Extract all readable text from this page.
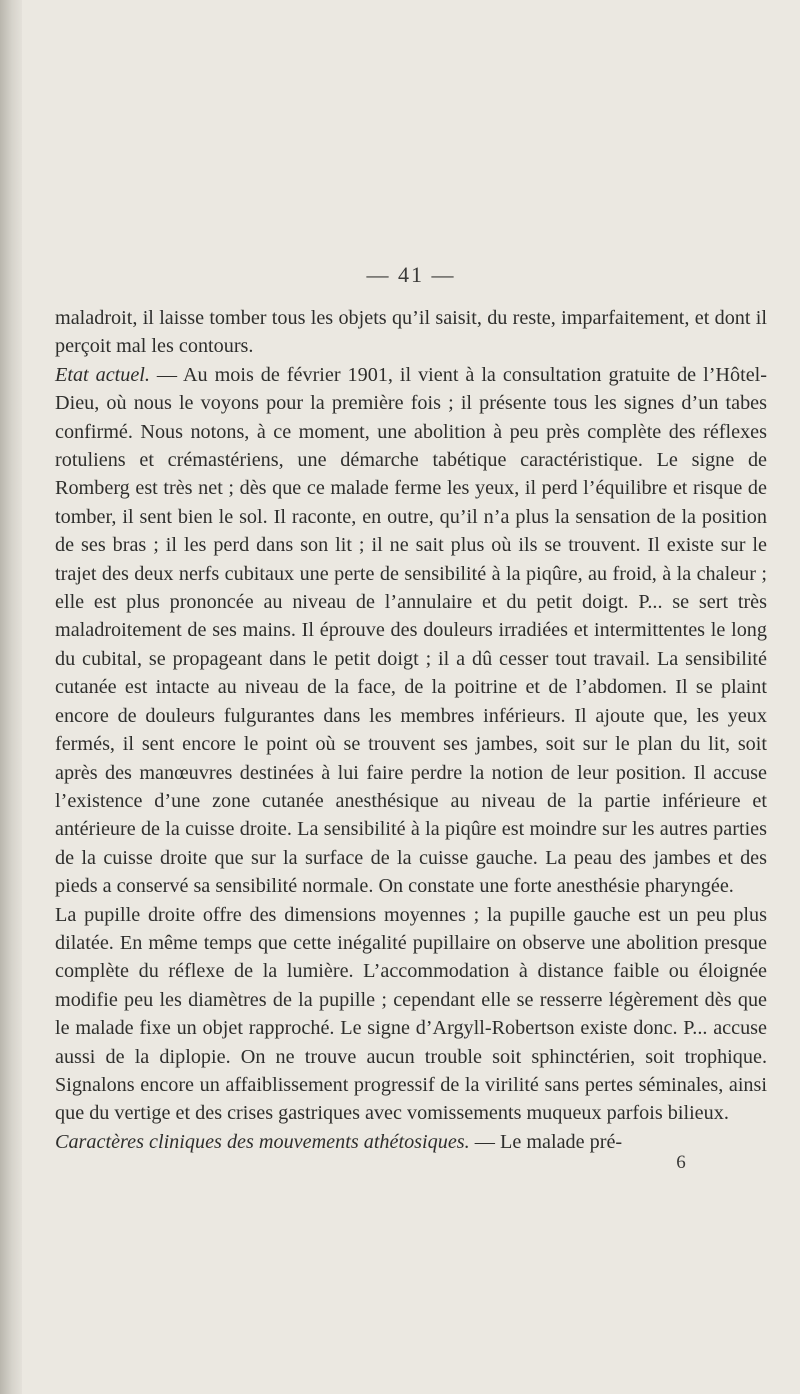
— 41 —

maladroit, il laisse tomber tous les objets qu’il saisit, du reste, imparfaitement, et dont il perçoit mal les contours.

Etat actuel. — Au mois de février 1901, il vient à la consultation gratuite de l’Hôtel-Dieu, où nous le voyons pour la première fois ; il présente tous les signes d’un tabes confirmé. Nous notons, à ce moment, une abolition à peu près complète des réflexes rotuliens et crémastériens, une démarche tabétique caractéristique. Le signe de Romberg est très net ; dès que ce malade ferme les yeux, il perd l’équilibre et risque de tomber, il sent bien le sol. Il raconte, en outre, qu’il n’a plus la sensation de la position de ses bras ; il les perd dans son lit ; il ne sait plus où ils se trouvent. Il existe sur le trajet des deux nerfs cubitaux une perte de sensibilité à la piqûre, au froid, à la chaleur ; elle est plus prononcée au niveau de l’annulaire et du petit doigt. P... se sert très maladroitement de ses mains. Il éprouve des douleurs irradiées et intermittentes le long du cubital, se propageant dans le petit doigt ; il a dû cesser tout travail. La sensibilité cutanée est intacte au niveau de la face, de la poitrine et de l’abdomen. Il se plaint encore de douleurs fulgurantes dans les membres inférieurs. Il ajoute que, les yeux fermés, il sent encore le point où se trouvent ses jambes, soit sur le plan du lit, soit après des manœuvres destinées à lui faire perdre la notion de leur position. Il accuse l’existence d’une zone cutanée anesthésique au niveau de la partie inférieure et antérieure de la cuisse droite. La sensibilité à la piqûre est moindre sur les autres parties de la cuisse droite que sur la surface de la cuisse gauche. La peau des jambes et des pieds a conservé sa sensibilité normale. On constate une forte anesthésie pharyngée.

La pupille droite offre des dimensions moyennes ; la pupille gauche est un peu plus dilatée. En même temps que cette inégalité pupillaire on observe une abolition presque complète du réflexe de la lumière. L’accommodation à distance faible ou éloignée modifie peu les diamètres de la pupille ; cependant elle se resserre légèrement dès que le malade fixe un objet rapproché. Le signe d’Argyll-Robertson existe donc. P... accuse aussi de la diplopie. On ne trouve aucun trouble soit sphinctérien, soit trophique. Signalons encore un affaiblissement progressif de la virilité sans pertes séminales, ainsi que du vertige et des crises gastriques avec vomissements muqueux parfois bilieux.

Caractères cliniques des mouvements athétosiques. — Le malade pré-

6
